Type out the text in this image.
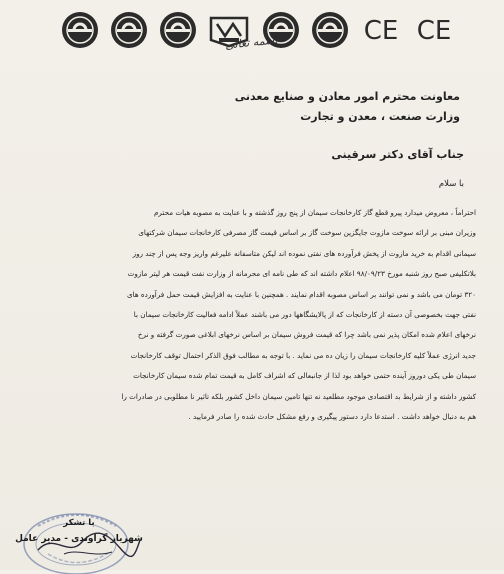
CE CE
بسمه تعالی
معاونت محترم امور معادن و صنایع معدنی
وزارت صنعت ، معدن و تجارت
جناب آقای دکتر سرقینی
با سلام

احتراماً ، معروض میدارد پیرو قطع گاز کارخانجات سیمان از پنج روز گذشته و با عنایت به مصوبه هیات محترم

وزیران مبنی بر ارائه سوخت مازوت جایگزین سوخت گاز بر اساس قیمت گاز مصرفی کارخانجات سیمان شرکتهای

سیمانی اقدام به خرید مازوت از پخش فرآورده های نفتی نموده اند لیکن متاسفانه علیرغم واریز وجه پس از چند روز

بلاتکلیفی صبح روز شنبه مورخ ۹۸/۰۹/۲۳ اعلام داشته اند که طی نامه ای محرمانه از وزارت نفت قیمت هر لیتر مازوت

۳۲۰ تومان می باشد و نمی توانند بر اساس مصوبه اقدام نمایند . همچنین با عنایت به افزایش قیمت حمل فرآورده های

نفتی جهت بخصوصی آن دسته از کارخانجات که از پالایشگاهها دور می باشند عملاً ادامه فعالیت کارخانجات سیمان با

نرخهای اعلام شده امکان پذیر نمی باشد چرا که قیمت فروش سیمان بر اساس نرخهای ابلاغی صورت گرفته و نرخ

جدید انرژی عملاً کلیه کارخانجات سیمان را زیان ده می نماید . با توجه به مطالب فوق الذکر احتمال توقف کارخانجات

سیمان طی یکی دوروز آینده حتمی خواهد بود لذا از جانبعالی که اشراف کامل به قیمت تمام شده سیمان کارخانجات

کشور داشته و از شرایط بد اقتصادی موجود مطلعید نه تنها تامین سیمان داخل کشور بلکه تاثیر نا مطلوبی در صادرات را

هم به دنبال خواهد داشت . استدعا دارد دستور پیگیری و رفع مشکل حادث شده را صادر فرمایید .

با تشکر
شهریار گراوندی - مدیر عامل
